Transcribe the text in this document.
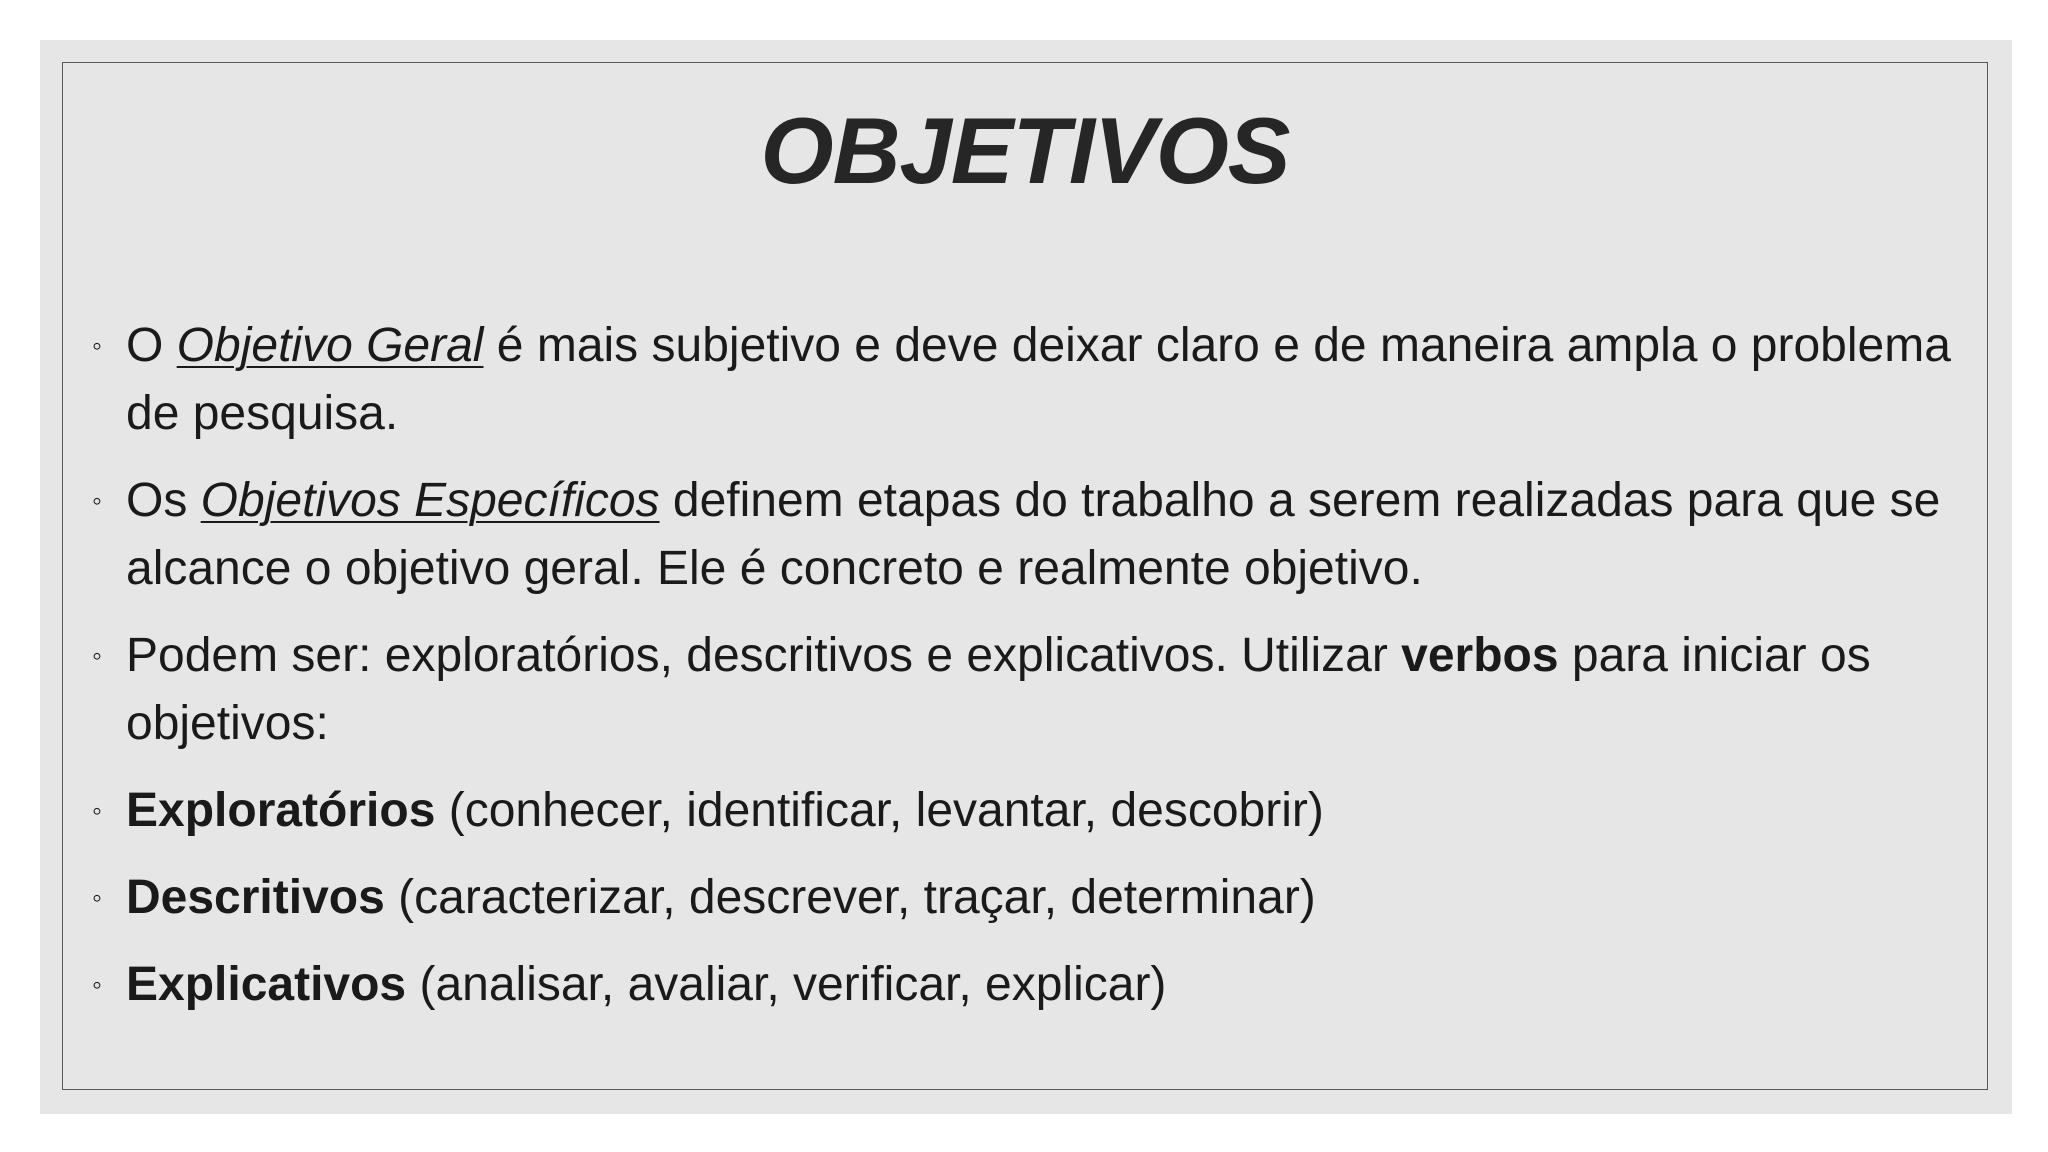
OBJETIVOS
◦ O Objetivo Geral é mais subjetivo e deve deixar claro e de maneira ampla o problema de pesquisa.
◦ Os Objetivos Específicos definem etapas do trabalho a serem realizadas para que se alcance o objetivo geral. Ele é concreto e realmente objetivo.
◦ Podem ser: exploratórios, descritivos e explicativos. Utilizar verbos para iniciar os objetivos:
◦ Exploratórios (conhecer, identificar, levantar, descobrir)
◦ Descritivos (caracterizar, descrever, traçar, determinar)
◦ Explicativos (analisar, avaliar, verificar, explicar)
